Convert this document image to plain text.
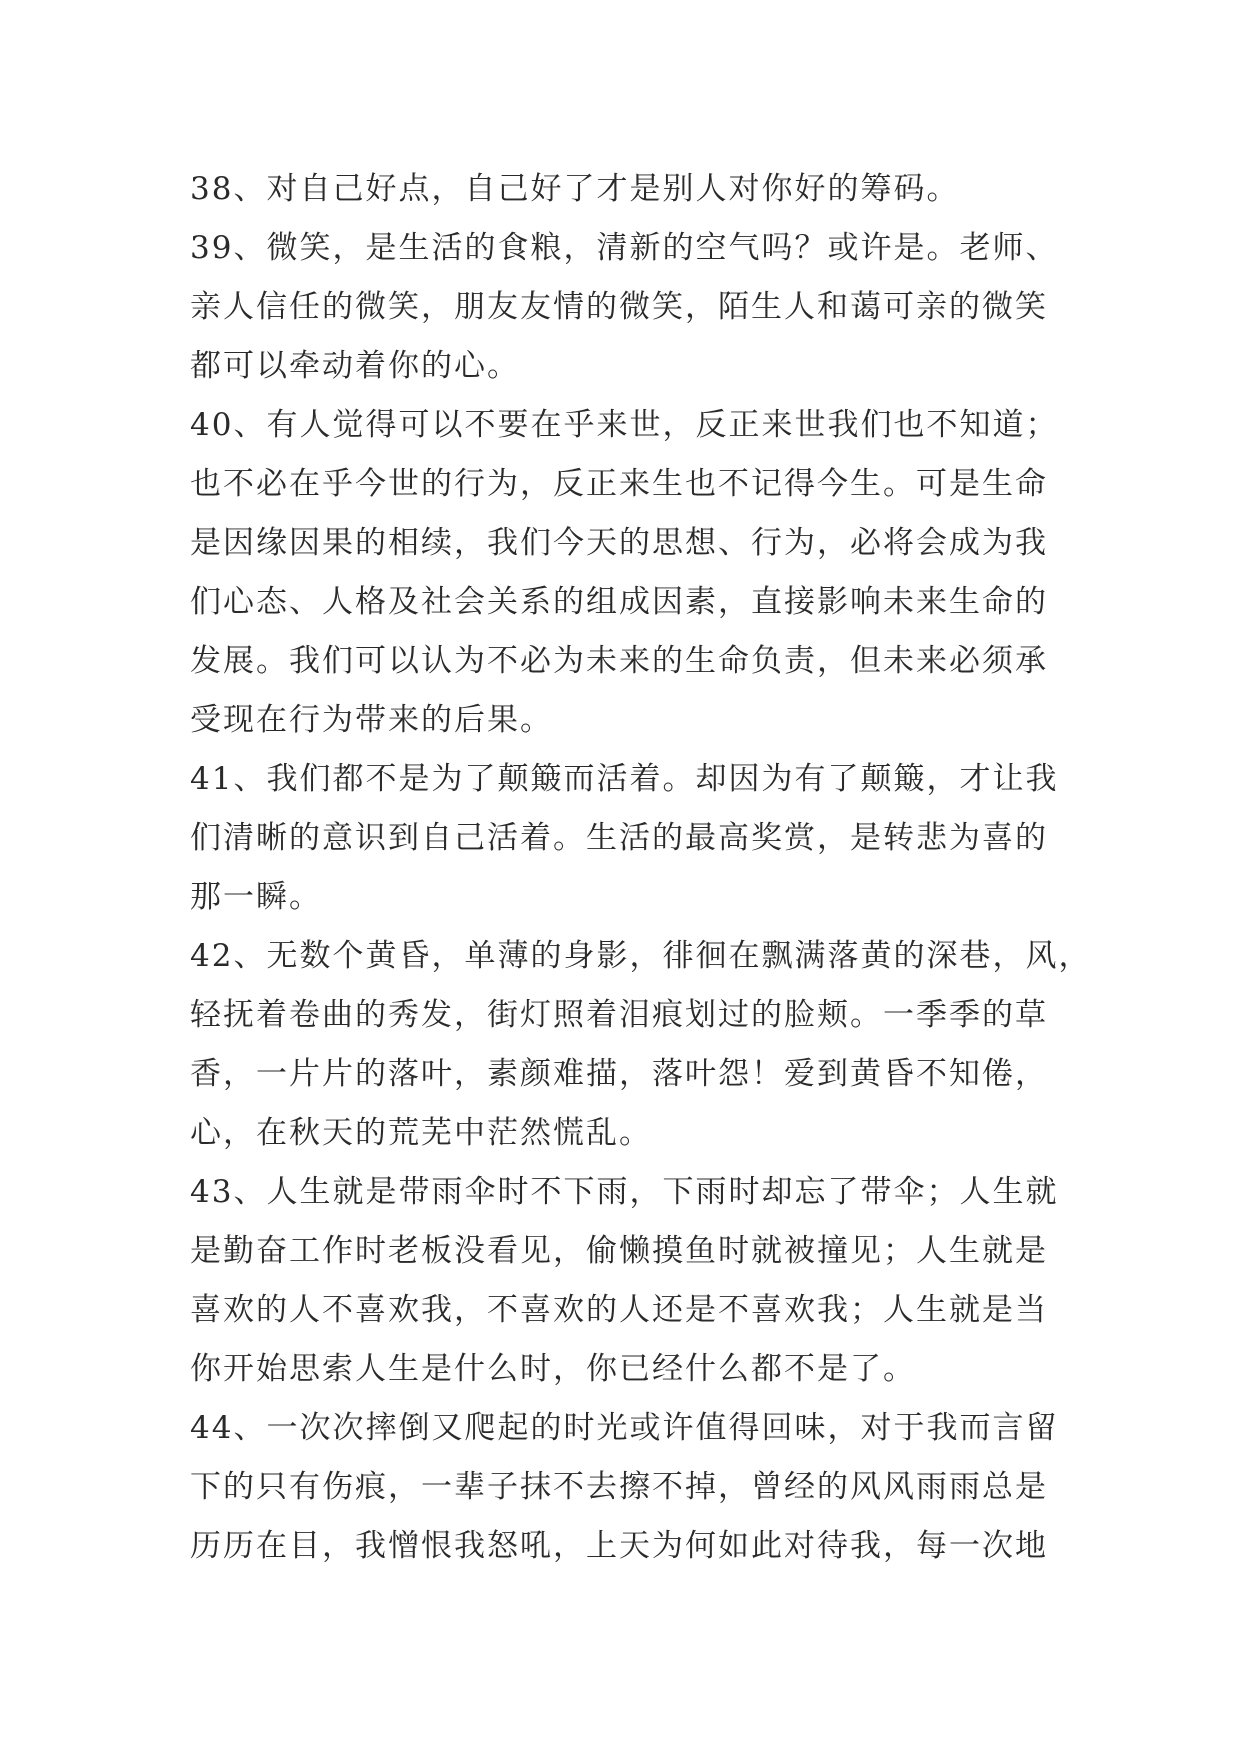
38、对自己好点，自己好了才是别人对你好的筹码。
39、微笑，是生活的食粮，清新的空气吗？或许是。老师、
亲人信任的微笑，朋友友情的微笑，陌生人和蔼可亲的微笑
都可以牵动着你的心。
40、有人觉得可以不要在乎来世，反正来世我们也不知道；
也不必在乎今世的行为，反正来生也不记得今生。可是生命
是因缘因果的相续，我们今天的思想、行为，必将会成为我
们心态、人格及社会关系的组成因素，直接影响未来生命的
发展。我们可以认为不必为未来的生命负责，但未来必须承
受现在行为带来的后果。
41、我们都不是为了颠簸而活着。却因为有了颠簸，才让我
们清晰的意识到自己活着。生活的最高奖赏，是转悲为喜的
那一瞬。
42、无数个黄昏，单薄的身影，徘徊在飘满落黄的深巷，风，
轻抚着卷曲的秀发，街灯照着泪痕划过的脸颊。一季季的草
香，一片片的落叶，素颜难描，落叶怨！爱到黄昏不知倦，
心，在秋天的荒芜中茫然慌乱。
43、人生就是带雨伞时不下雨，下雨时却忘了带伞；人生就
是勤奋工作时老板没看见，偷懒摸鱼时就被撞见；人生就是
喜欢的人不喜欢我，不喜欢的人还是不喜欢我；人生就是当
你开始思索人生是什么时，你已经什么都不是了。
44、一次次摔倒又爬起的时光或许值得回味，对于我而言留
下的只有伤痕，一辈子抹不去擦不掉，曾经的风风雨雨总是
历历在目，我憎恨我怒吼，上天为何如此对待我，每一次地
